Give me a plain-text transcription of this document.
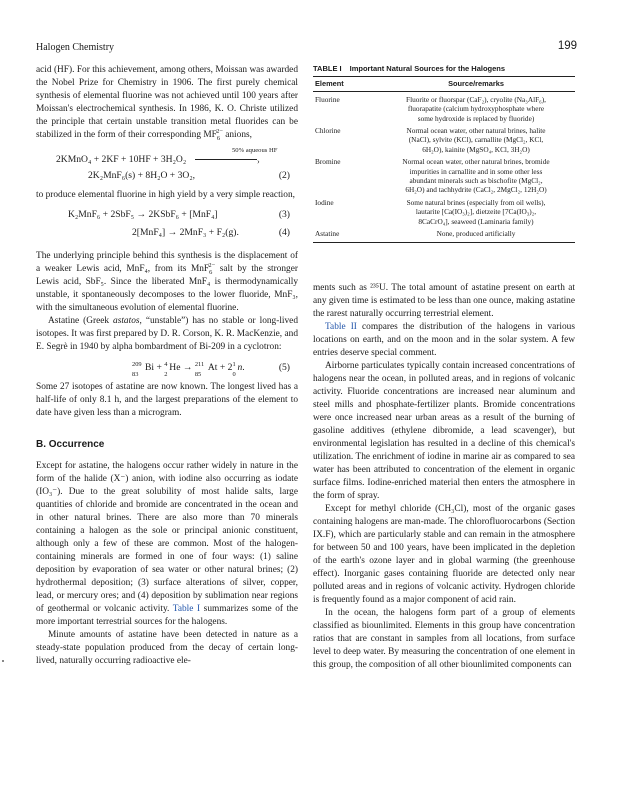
Halogen Chemistry	199

acid (HF). For this achievement, among others, Moissan was awarded the Nobel Prize for Chemistry in 1906. The first purely chemical synthesis of elemental fluorine was not achieved until 100 years after Moissan's electrochemical synthesis. In 1986, K. O. Christe utilized the principle that certain unstable transition metal fluorides can be stabilized in the form of their corresponding $MF_6^{2-}$ anions,

50% aqueous HF
2KMnO₄ + 2KF + 10HF + 3H₂O₂	›
2K₂MnF₆(s) + 8H₂O + 3O₂,	(2)

to produce elemental fluorine in high yield by a very simple reaction,

K₂MnF₆ + 2SbF₅ → 2KSbF₆ + [MnF₄]	(3)
2[MnF₄] → 2MnF₃ + F₂(g).	(4)

The underlying principle behind this synthesis is the displacement of a weaker Lewis acid, MnF₄, from its MnF$_6^{2-}$ salt by the stronger Lewis acid, SbF₅. Since the liberated MnF₄ is thermodynamically unstable, it spontaneously decomposes to the lower fluoride, MnF₃, with the simultaneous evolution of elemental fluorine.

Astatine (Greek astatos, “unstable”) has no stable or long-lived isotopes. It was first prepared by D. R. Corson, K. R. MacKenzie, and E. Segrè in 1940 by alpha bombardment of Bi-209 in a cyclotron:

209
83
Bi + 4
2
He → 211
85
At + 2 1
0
n.	(5)

Some 27 isotopes of astatine are now known. The longest lived has a half-life of only 8.1 h, and the largest preparations of the element to date have given less than a microgram.

B. Occurrence

Except for astatine, the halogens occur rather widely in nature in the form of the halide (X⁻) anion, with iodine also occurring as iodate (IO₃⁻). Due to the great solubility of most halide salts, large quantities of chloride and bromide are concentrated in the ocean and in other natural brines. There are also more than 70 minerals containing a halogen as the sole or principal anionic constituent, although only a few of these are common. Most of the halogen-containing minerals are formed in one of four ways: (1) saline deposition by evaporation of sea water or other natural brines; (2) hydrothermal deposition; (3) surface alterations of silver, copper, lead, or mercury ores; and (4) deposition by sublimation near regions of geothermal or volcanic activity. Table I summarizes some of the more important terrestrial sources for the halogens.

Minute amounts of astatine have been detected in nature as a steady-state population produced from the decay of certain long-lived, naturally occurring radioactive ele-

TABLE I Important Natural Sources for the Halogens
Element	Source/remarks
Fluorine	Fluorite or fluorspar (CaF₂), cryolite (Na₃AlF₆),
fluorapatite (calcium hydroxyphosphate where
some hydroxide is replaced by fluoride)
Chlorine	Normal ocean water, other natural brines, halite
(NaCl), sylvite (KCl), carnallite (MgCl₂, KCl,
6H₂O), kainite (MgSO₄, KCl, 3H₂O)
Bromine	Normal ocean water, other natural brines, bromide
impurities in carnallite and in some other less
abundant minerals such as bischofite (MgCl₂,
6H₂O) and tachhydrite (CaCl₂, 2MgCl₂, 12H₂O)
Iodine	Some natural brines (especially from oil wells),
lautarite [Ca(IO₃)₂], dietzeite [7Ca(IO₃)₂,
8CaCrO₄], seaweed (Laminaria family)
Astatine	None, produced artificially

ments such as ²³⁵U. The total amount of astatine present on earth at any given time is estimated to be less than one ounce, making astatine the rarest naturally occurring terrestrial element.

Table II compares the distribution of the halogens in various locations on earth, and on the moon and in the solar system. A few entries deserve special comment.

Airborne particulates typically contain increased concentrations of halogens near the ocean, in polluted areas, and in regions of volcanic activity. Fluoride concentrations are increased near aluminum and steel mills and phosphate-fertilizer plants. Bromide concentrations were once increased near urban areas as a result of the burning of gasoline additives (ethylene dibromide, a lead scavenger), but environmental legislation has resulted in a decline of this chemical's utilization. The enrichment of iodine in marine air as compared to sea water has been attributed to concentration of the element in organic surface films. Iodine-enriched material then enters the atmosphere in the form of spray.

Except for methyl chloride (CH₃Cl), most of the organic gases containing halogens are man-made. The chlorofluorocarbons (Section IX.F), which are particularly stable and can remain in the atmosphere for between 50 and 100 years, have been implicated in the depletion of the earth's ozone layer and in global warming (the greenhouse effect). Inorganic gases containing fluoride are detected only near polluted areas and in regions of volcanic activity. Hydrogen chloride is frequently found as a major component of acid rain.

In the ocean, the halogens form part of a group of elements classified as biounlimited. Elements in this group have concentration ratios that are constant in samples from all locations, from surface level to deep water. By measuring the concentration of one element in this group, the composition of all other biounlimited components can
